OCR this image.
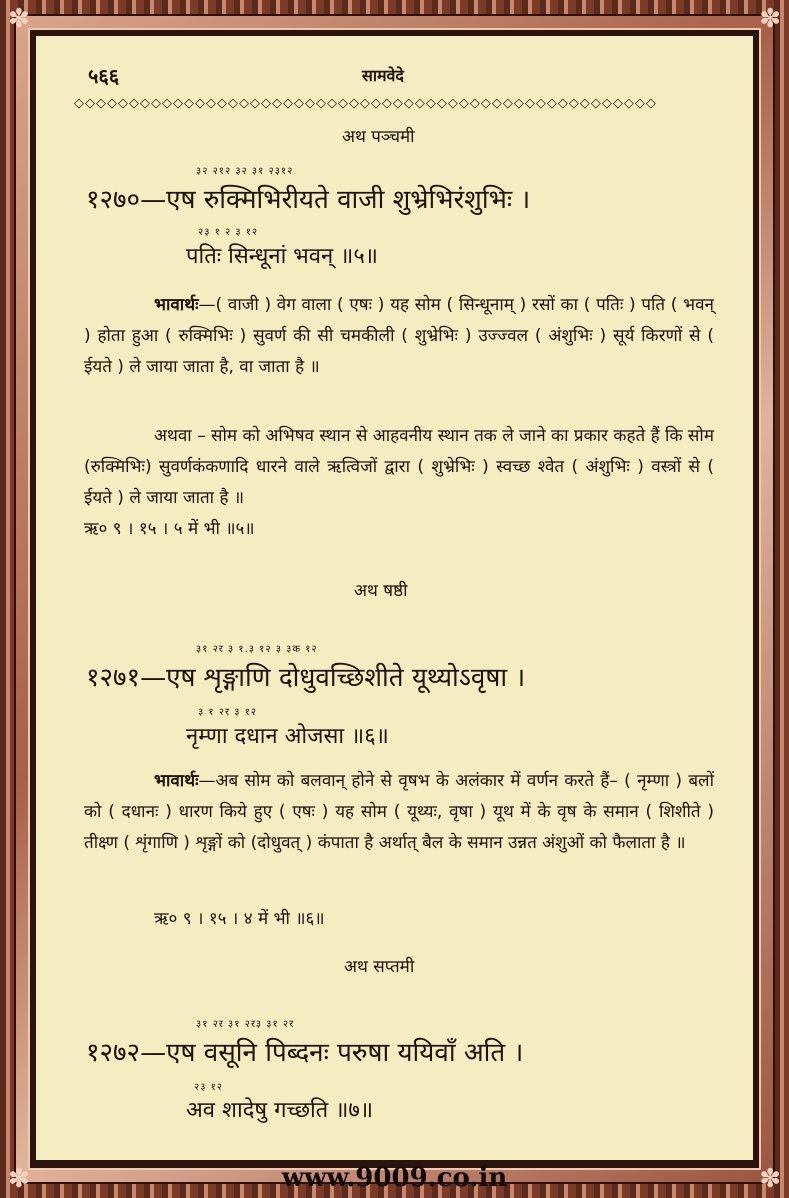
✽	✽
✽	✽
५६६	सामवेदे
◇◇◇◇◇◇◇◇◇◇◇◇◇◇◇◇◇◇◇◇◇◇◇◇◇◇◇◇◇◇◇◇◇◇◇◇◇◇◇◇◇◇◇◇◇◇◇◇◇◇◇◇◇
अथ पञ्चमी
३२ २१२ ३२ ३१ २३१२
१२७०—एष रुक्मिभिरीयते वाजी शुभ्रेभिरंशुभिः ।
२३ १ २ ३ १२
पतिः सिन्धूनां भवन् ॥५॥
भावार्थः—( वाजी ) वेग वाला ( एषः ) यह सोम ( सिन्धूनाम् ) रसों का ( पतिः ) पति ( भवन् ) होता हुआ ( रुक्मिभिः ) सुवर्ण की सी चमकीली ( शुभ्रेभिः ) उज्ज्वल ( अंशुभिः ) सूर्य किरणों से ( ईयते ) ले जाया जाता है, वा जाता है ॥
अथवा – सोम को अभिषव स्थान से आहवनीय स्थान तक ले जाने का प्रकार कहते हैं कि सोम (रुक्मिभिः) सुवर्णकंकणादि धारने वाले ऋत्विजों द्वारा ( शुभ्रेभिः ) स्वच्छ श्वेत ( अंशुभिः ) वस्त्रों से ( ईयते ) ले जाया जाता है ॥
ऋ० ९ । १५ । ५ में भी ॥५॥
अथ षष्ठी
३१ २र ३ १.३ १२ ३ ३क १२
१२७१—एष शृङ्गाणि दोधुवच्छिशीते यूथ्योऽवृषा ।
३ १ २र ३ १२
नृम्णा दधान ओजसा ॥६॥
भावार्थः—अब सोम को बलवान् होने से वृषभ के अलंकार में वर्णन करते हैं– ( नृम्णा ) बलों को ( दधानः ) धारण किये हुए ( एषः ) यह सोम ( यूथ्यः, वृषा ) यूथ में के वृष के समान ( शिशीते ) तीक्ष्ण ( शृंगाणि ) शृङ्गों को (दोधुवत् ) कंपाता है अर्थात् बैल के समान उन्नत अंशुओं को फैलाता है ॥
ऋ० ९ । १५ । ४ में भी ॥६॥
अथ सप्तमी
३१ २र ३१ २र३ ३१ २र
१२७२—एष वसूनि पिब्दनः परुषा ययिवाँ अति ।
२३ १२
अव शादेषु गच्छति ॥७॥
www.9009.co.in
